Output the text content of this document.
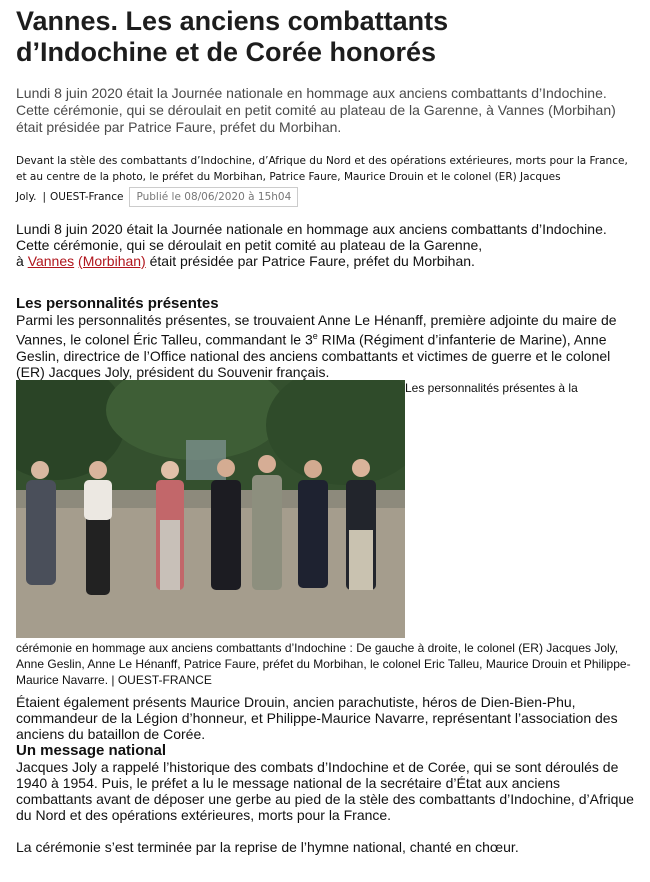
Vannes. Les anciens combattants
d’Indochine et de Corée honorés
Lundi 8 juin 2020 était la Journée nationale en hommage aux anciens combattants d’Indochine. Cette cérémonie, qui se déroulait en petit comité au plateau de la Garenne, à Vannes (Morbihan) était présidée par Patrice Faure, préfet du Morbihan.
Devant la stèle des combattants d’Indochine, d’Afrique du Nord et des opérations extérieures, morts pour la France, et au centre de la photo, le préfet du Morbihan, Patrice Faure, Maurice Drouin et le colonel (ER) Jacques
Joly. | OUEST-France	Publié le 08/06/2020 à 15h04
Lundi 8 juin 2020 était la Journée nationale en hommage aux anciens combattants d’Indochine. Cette cérémonie, qui se déroulait en petit comité au plateau de la Garenne,
à Vannes (Morbihan) était présidée par Patrice Faure, préfet du Morbihan.
Les personnalités présentes
Parmi les personnalités présentes, se trouvaient Anne Le Hénanff, première adjointe du maire de Vannes, le colonel Éric Talleu, commandant le 3e RIMa (Régiment d’infanterie de Marine), Anne Geslin, directrice de l’Office national des anciens combattants et victimes de guerre et le colonel (ER) Jacques Joly, président du Souvenir français.
Les personnalités présentes à la
cérémonie en hommage aux anciens combattants d’Indochine : De gauche à droite, le colonel (ER) Jacques Joly, Anne Geslin, Anne Le Hénanff, Patrice Faure, préfet du Morbihan, le colonel Eric Talleu, Maurice Drouin et Philippe-Maurice Navarre. | OUEST-FRANCE
Étaient également présents Maurice Drouin, ancien parachutiste, héros de Dien-Bien-Phu, commandeur de la Légion d’honneur, et Philippe-Maurice Navarre, représentant l’association des anciens du bataillon de Corée.
Un message national
Jacques Joly a rappelé l’historique des combats d’Indochine et de Corée, qui se sont déroulés de 1940 à 1954. Puis, le préfet a lu le message national de la secrétaire d’État aux anciens combattants avant de déposer une gerbe au pied de la stèle des combattants d’Indochine, d’Afrique du Nord et des opérations extérieures, morts pour la France.
La cérémonie s’est terminée par la reprise de l’hymne national, chanté en chœur.
